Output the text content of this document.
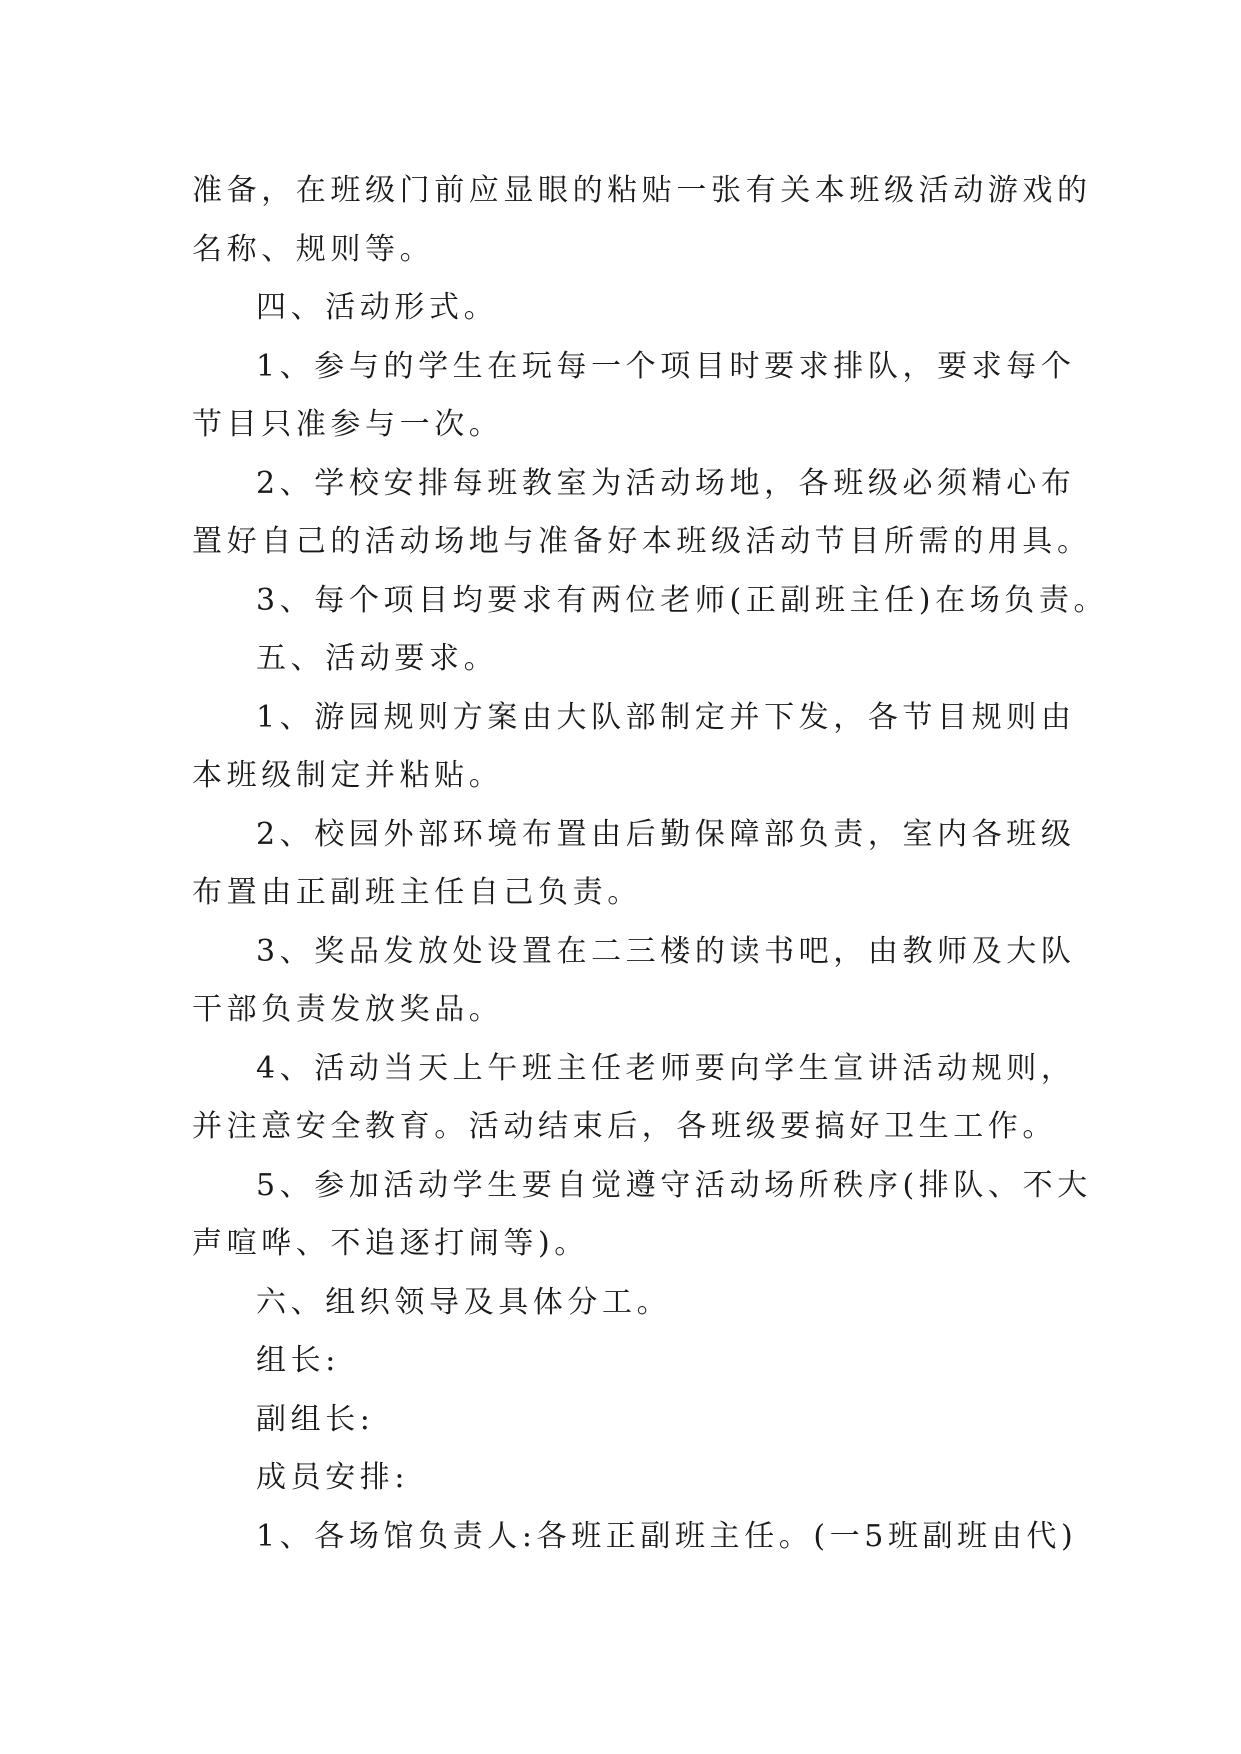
准备，在班级门前应显眼的粘贴一张有关本班级活动游戏的

名称、规则等。

四、活动形式。

1、参与的学生在玩每一个项目时要求排队，要求每个

节目只准参与一次。

2、学校安排每班教室为活动场地，各班级必须精心布

置好自己的活动场地与准备好本班级活动节目所需的用具。

3、每个项目均要求有两位老师(正副班主任)在场负责。

五、活动要求。

1、游园规则方案由大队部制定并下发，各节目规则由

本班级制定并粘贴。

2、校园外部环境布置由后勤保障部负责，室内各班级

布置由正副班主任自己负责。

3、奖品发放处设置在二三楼的读书吧，由教师及大队

干部负责发放奖品。

4、活动当天上午班主任老师要向学生宣讲活动规则，

并注意安全教育。活动结束后，各班级要搞好卫生工作。

5、参加活动学生要自觉遵守活动场所秩序(排队、不大

声喧哗、不追逐打闹等)。

六、组织领导及具体分工。

组长:

副组长:

成员安排:

1、各场馆负责人:各班正副班主任。(一5班副班由代)
